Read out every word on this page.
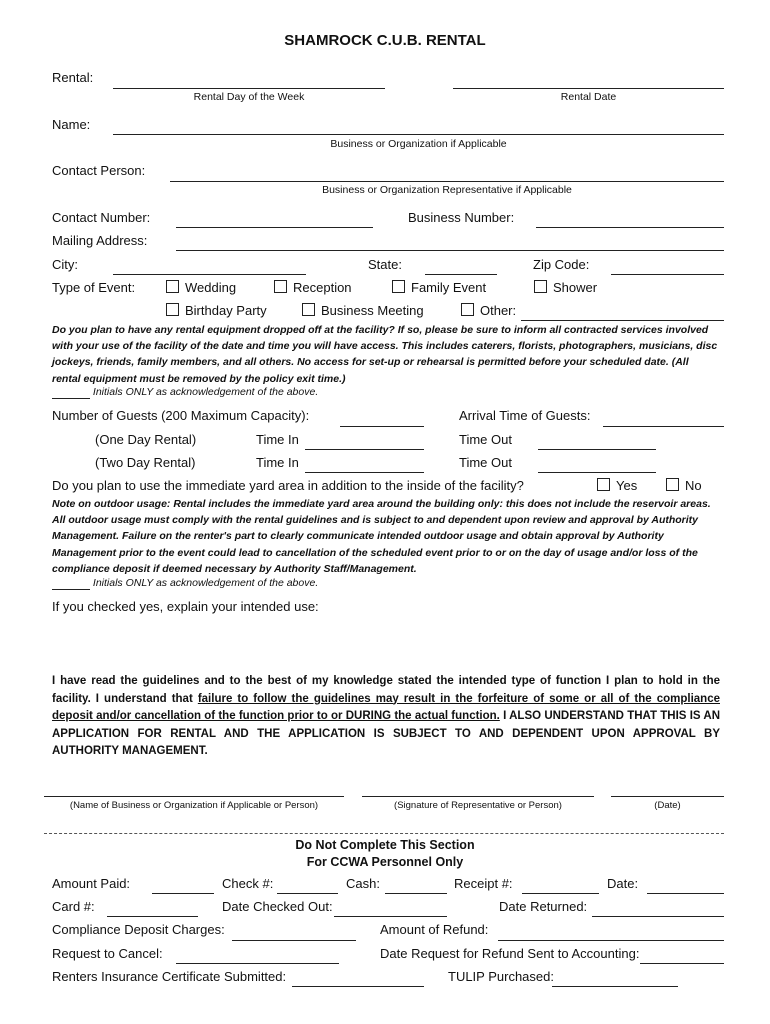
SHAMROCK C.U.B. RENTAL
Rental:
Rental Day of the Week	Rental Date
Name:
Business or Organization if Applicable
Contact Person:
Business or Organization Representative if Applicable
Contact Number:	Business Number:
Mailing Address:
City:	State:	Zip Code:
Type of Event:	Wedding	Reception	Family Event	Shower
Birthday Party	Business Meeting	Other:
Do you plan to have any rental equipment dropped off at the facility? If so, please be sure to inform all contracted services involved with your use of the facility of the date and time you will have access. This includes caterers, florists, photographers, musicians, disc jockeys, friends, family members, and all others. No access for set-up or rehearsal is permitted before your scheduled date. (All rental equipment must be removed by the policy exit time.)
Initials ONLY as acknowledgement of the above.
Number of Guests (200 Maximum Capacity):	Arrival Time of Guests:
(One Day Rental)	Time In	Time Out
(Two Day Rental)	Time In	Time Out
Do you plan to use the immediate yard area in addition to the inside of the facility?	Yes	No
Note on outdoor usage: Rental includes the immediate yard area around the building only: this does not include the reservoir areas. All outdoor usage must comply with the rental guidelines and is subject to and dependent upon review and approval by Authority Management. Failure on the renter's part to clearly communicate intended outdoor usage and obtain approval by Authority Management prior to the event could lead to cancellation of the scheduled event prior to or on the day of usage and/or loss of the compliance deposit if deemed necessary by Authority Staff/Management.
Initials ONLY as acknowledgement of the above.
If you checked yes, explain your intended use:
I have read the guidelines and to the best of my knowledge stated the intended type of function I plan to hold in the facility. I understand that failure to follow the guidelines may result in the forfeiture of some or all of the compliance deposit and/or cancellation of the function prior to or DURING the actual function. I ALSO UNDERSTAND THAT THIS IS AN APPLICATION FOR RENTAL AND THE APPLICATION IS SUBJECT TO AND DEPENDENT UPON APPROVAL BY AUTHORITY MANAGEMENT.
(Name of Business or Organization if Applicable or Person)	(Signature of Representative or Person)	(Date)
Do Not Complete This Section
For CCWA Personnel Only
Amount Paid:	Check #:	Cash:	Receipt #:	Date:
Card #:	Date Checked Out:	Date Returned:
Compliance Deposit Charges:	Amount of Refund:
Request to Cancel:	Date Request for Refund Sent to Accounting:
Renters Insurance Certificate Submitted:	TULIP Purchased:
